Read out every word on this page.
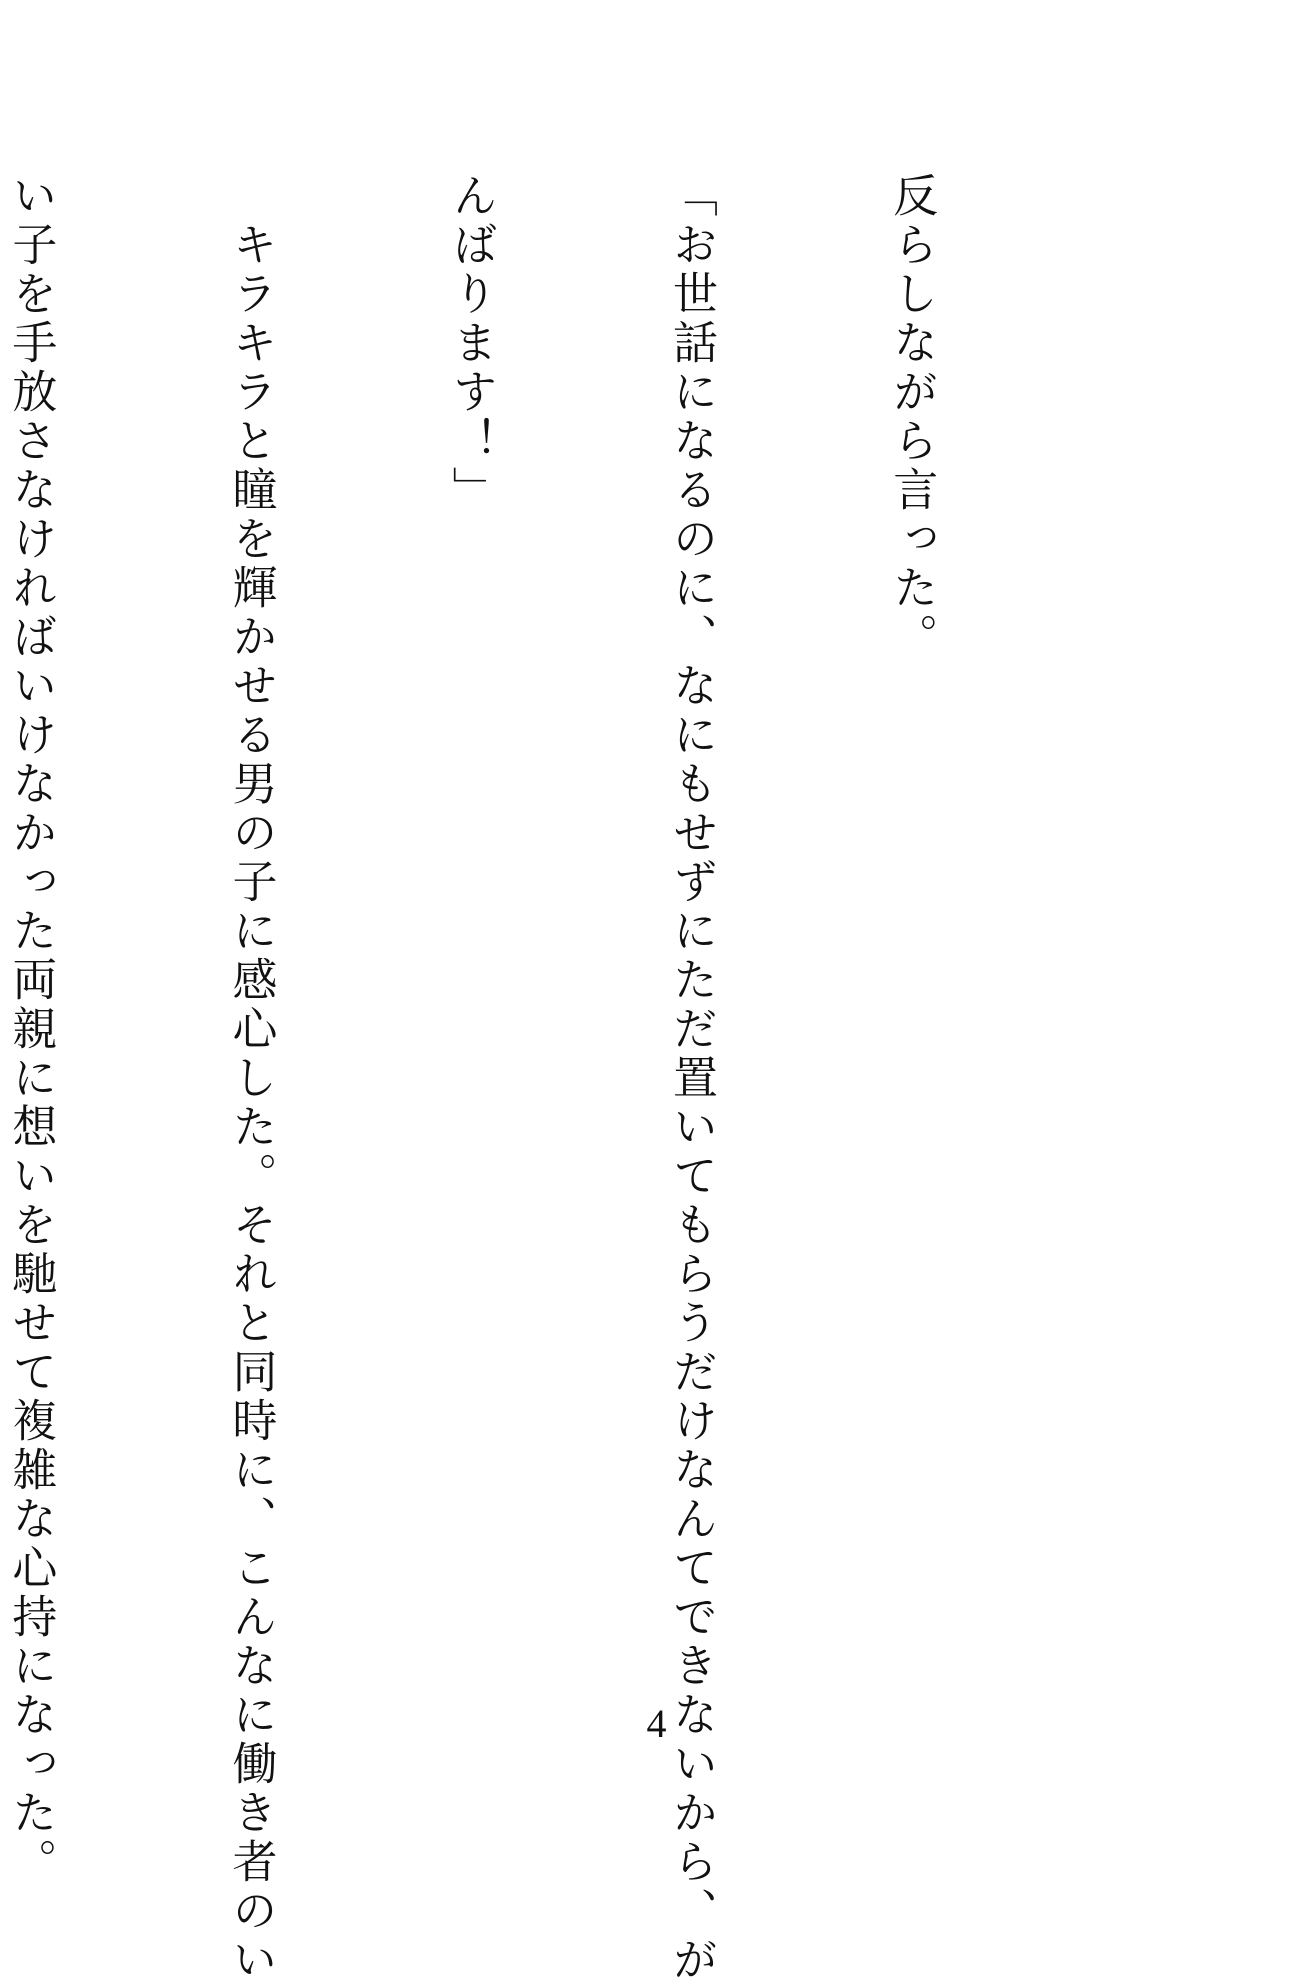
反らしながら言った。

「お世話になるのに、なにもせずにただ置いてもらうだけなんてできないから、が

んばります！」

　キラキラと瞳を輝かせる男の子に感心した。それと同時に、こんなに働き者のい

い子を手放さなければいけなかった両親に想いを馳せて複雑な心持になった。

	4
